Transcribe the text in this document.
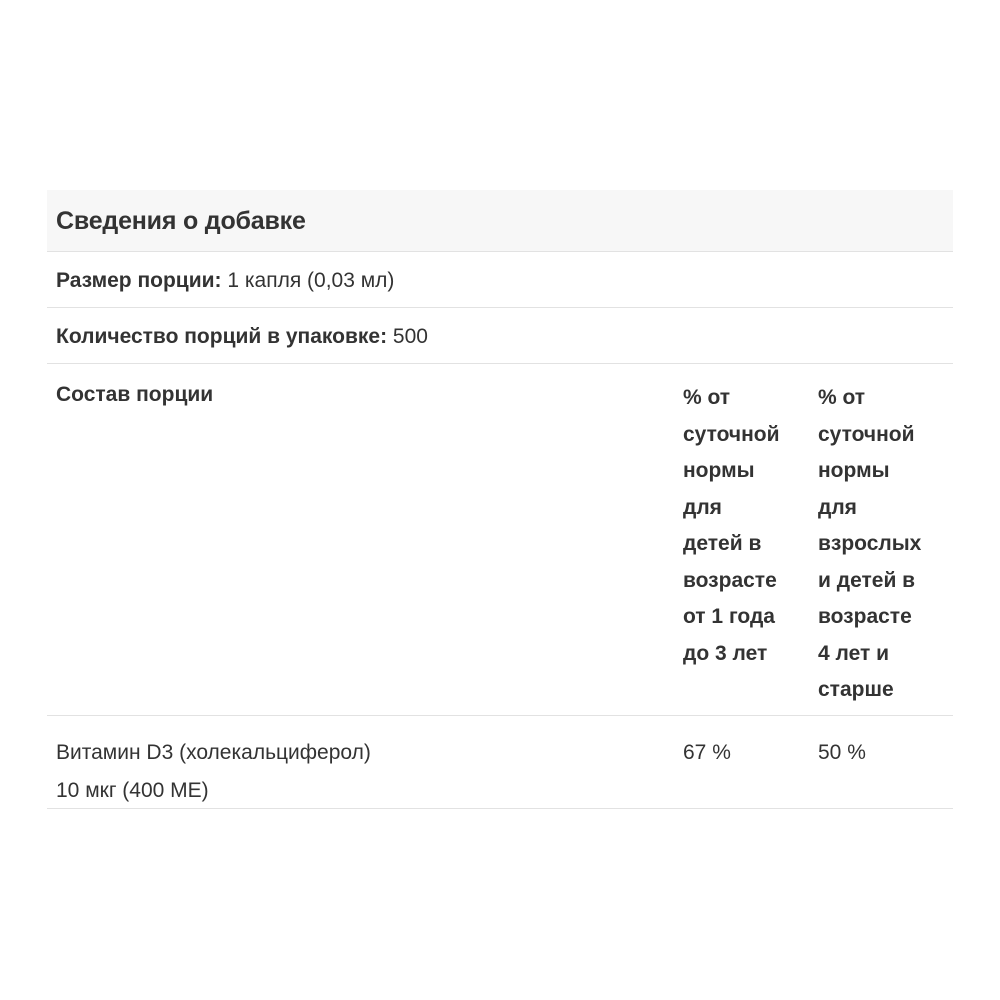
Сведения о добавке
Размер порции: 1 капля (0,03 мл)
Количество порций в упаковке: 500
Состав порции	% от
суточной
нормы
для
детей в
возрасте
от 1 года
до 3 лет
% от
суточной
нормы
для
взрослых
и детей в
возрасте
4 лет и
старше
Витамин D3 (холекальциферол)
10 мкг (400 МЕ)
67 %	50 %
